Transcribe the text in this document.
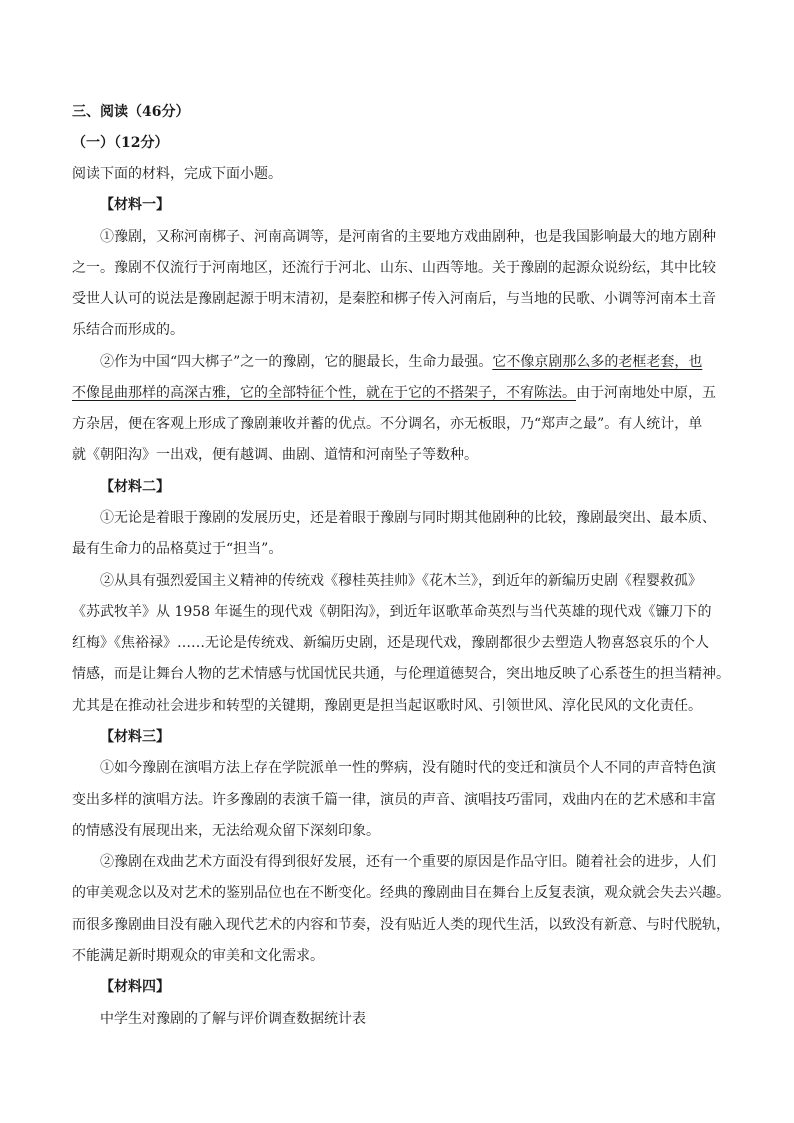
三、阅读（46分）
（一）（12分）
阅读下面的材料，完成下面小题。
【材料一】
①豫剧，又称河南梆子、河南高调等，是河南省的主要地方戏曲剧种，也是我国影响最大的地方剧种
之一。豫剧不仅流行于河南地区，还流行于河北、山东、山西等地。关于豫剧的起源众说纷纭，其中比较
受世人认可的说法是豫剧起源于明末清初，是秦腔和梆子传入河南后，与当地的民歌、小调等河南本土音
乐结合而形成的。
②作为中国“四大梆子”之一的豫剧，它的腿最长，生命力最强。它不像京剧那么多的老框老套，也
不像昆曲那样的高深古雅，它的全部特征个性，就在于它的不搭架子，不宥陈法。由于河南地处中原，五
方杂居，便在客观上形成了豫剧兼收并蓄的优点。不分调名，亦无板眼，乃“郑声之最”。有人统计，单
就《朝阳沟》一出戏，便有越调、曲剧、道情和河南坠子等数种。
【材料二】
①无论是着眼于豫剧的发展历史，还是着眼于豫剧与同时期其他剧种的比较，豫剧最突出、最本质、
最有生命力的品格莫过于“担当”。
②从具有强烈爱国主义精神的传统戏《穆桂英挂帅》《花木兰》，到近年的新编历史剧《程婴救孤》
《苏武牧羊》从 1958 年诞生的现代戏《朝阳沟》，到近年讴歌革命英烈与当代英雄的现代戏《镰刀下的
红梅》《焦裕禄》……无论是传统戏、新编历史剧，还是现代戏，豫剧都很少去塑造人物喜怒哀乐的个人
情感，而是让舞台人物的艺术情感与忧国忧民共通，与伦理道德契合，突出地反映了心系苍生的担当精神。
尤其是在推动社会进步和转型的关键期，豫剧更是担当起讴歌时风、引领世风、淳化民风的文化责任。
【材料三】
①如今豫剧在演唱方法上存在学院派单一性的弊病，没有随时代的变迁和演员个人不同的声音特色演
变出多样的演唱方法。许多豫剧的表演千篇一律，演员的声音、演唱技巧雷同，戏曲内在的艺术感和丰富
的情感没有展现出来，无法给观众留下深刻印象。
②豫剧在戏曲艺术方面没有得到很好发展，还有一个重要的原因是作品守旧。随着社会的进步，人们
的审美观念以及对艺术的鉴别品位也在不断变化。经典的豫剧曲目在舞台上反复表演，观众就会失去兴趣。
而很多豫剧曲目没有融入现代艺术的内容和节奏，没有贴近人类的现代生活，以致没有新意、与时代脱轨，
不能满足新时期观众的审美和文化需求。
【材料四】
中学生对豫剧的了解与评价调查数据统计表
